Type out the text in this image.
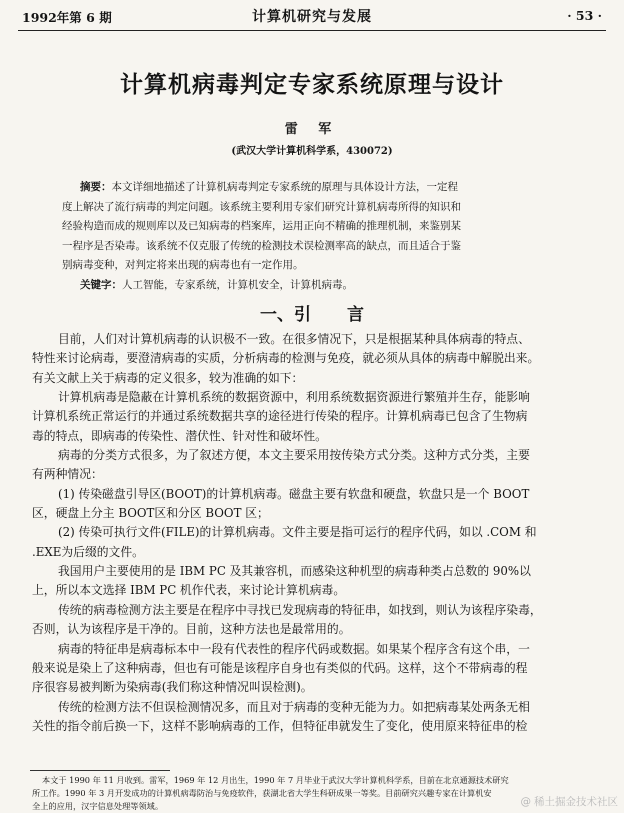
1992年第 6 期	计算机研究与发展	· 53 ·
计算机病毒判定专家系统原理与设计
雷 军
(武汉大学计算机科学系，430072)
摘要：本文详细地描述了计算机病毒判定专家系统的原理与具体设计方法，一定程
度上解决了流行病毒的判定问题。该系统主要利用专家们研究计算机病毒所得的知识和
经验构造而成的规则库以及已知病毒的档案库，运用正向不精确的推理机制，来鉴别某
一程序是否染毒。该系统不仅克服了传统的检测技术误检测率高的缺点，而且适合于鉴
别病毒变种，对判定将来出现的病毒也有一定作用。
关键字：人工智能，专家系统，计算机安全，计算机病毒。
一、引 言
目前，人们对计算机病毒的认识极不一致。在很多情况下，只是根据某种具体病毒的特点、
特性来讨论病毒，要澄清病毒的实质，分析病毒的检测与免疫，就必须从具体的病毒中解脱出来。
有关文献上关于病毒的定义很多，较为准确的如下：
计算机病毒是隐蔽在计算机系统的数据资源中，利用系统数据资源进行繁殖并生存，能影响
计算机系统正常运行的并通过系统数据共享的途径进行传染的程序。计算机病毒已包含了生物病
毒的特点，即病毒的传染性、潜伏性、针对性和破坏性。
病毒的分类方式很多，为了叙述方便，本文主要采用按传染方式分类。这种方式分类，主要
有两种情况：
(1) 传染磁盘引导区(BOOT)的计算机病毒。磁盘主要有软盘和硬盘，软盘只是一个 BOOT
区，硬盘上分主 BOOT区和分区 BOOT 区；
(2) 传染可执行文件(FILE)的计算机病毒。文件主要是指可运行的程序代码，如以 .COM 和
.EXE为后缀的文件。
我国用户主要使用的是 IBM PC 及其兼容机，而感染这种机型的病毒种类占总数的 90%以
上，所以本文选择 IBM PC 机作代表，来讨论计算机病毒。
传统的病毒检测方法主要是在程序中寻找已发现病毒的特征串，如找到，则认为该程序染毒，
否则，认为该程序是干净的。目前，这种方法也是最常用的。
病毒的特征串是病毒标本中一段有代表性的程序代码或数据。如果某个程序含有这个串，一
般来说是染上了这种病毒，但也有可能是该程序自身也有类似的代码。这样，这个不带病毒的程
序很容易被判断为染病毒(我们称这种情况叫误检测)。
传统的检测方法不但误检测情况多，而且对于病毒的变种无能为力。如把病毒某处两条无相
关性的指令前后换一下，这样不影响病毒的工作，但特征串就发生了变化，使用原来特征串的检
本文于 1990 年 11 月收到。雷军，1969 年 12 月出生，1990 年 7 月毕业于武汉大学计算机科学系，目前在北京通源技术研究
所工作。1990 年 3 月开发成功的计算机病毒防治与免疫软件，获湖北省大学生科研成果一等奖。目前研究兴趣专家在计算机安
全上的应用，汉字信息处理等领域。	@ 稀土掘金技术社区
